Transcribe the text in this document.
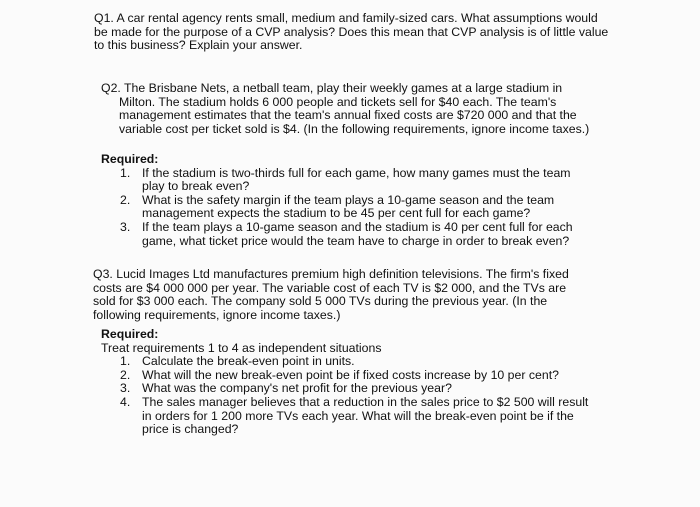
Q1. A car rental agency rents small, medium and family-sized cars. What assumptions would

be made for the purpose of a CVP analysis? Does this mean that CVP analysis is of little value

to this business? Explain your answer.

Q2. The Brisbane Nets, a netball team, play their weekly games at a large stadium in

Milton. The stadium holds 6 000 people and tickets sell for $40 each. The team's

management estimates that the team's annual fixed costs are $720 000 and that the

variable cost per ticket sold is $4. (In the following requirements, ignore income taxes.)

Required:

1. If the stadium is two-thirds full for each game, how many games must the team

play to break even?

2. What is the safety margin if the team plays a 10-game season and the team

management expects the stadium to be 45 per cent full for each game?

3. If the team plays a 10-game season and the stadium is 40 per cent full for each

game, what ticket price would the team have to charge in order to break even?

Q3. Lucid Images Ltd manufactures premium high definition televisions. The firm's fixed

costs are $4 000 000 per year. The variable cost of each TV is $2 000, and the TVs are

sold for $3 000 each. The company sold 5 000 TVs during the previous year. (In the

following requirements, ignore income taxes.)

Required:

Treat requirements 1 to 4 as independent situations

1. Calculate the break-even point in units.

2. What will the new break-even point be if fixed costs increase by 10 per cent?

3. What was the company's net profit for the previous year?

4. The sales manager believes that a reduction in the sales price to $2 500 will result

in orders for 1 200 more TVs each year. What will the break-even point be if the

price is changed?
